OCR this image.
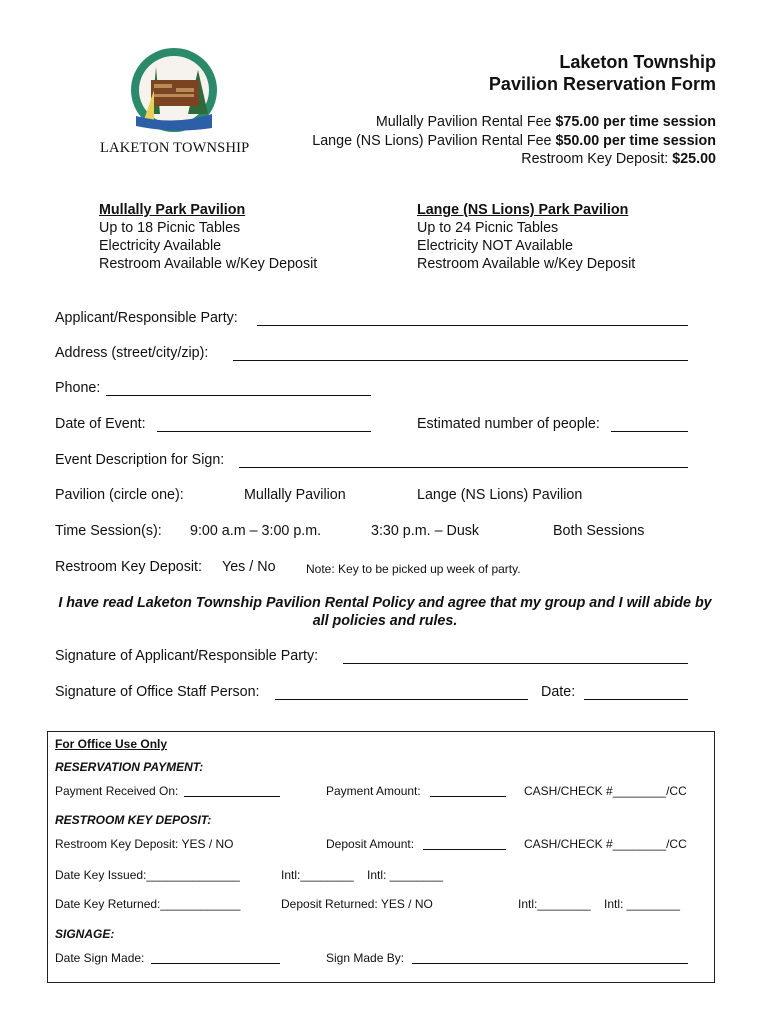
LAKETON TOWNSHIP
Laketon Township
Pavilion Reservation Form
Mullally Pavilion Rental Fee $75.00 per time session
Lange (NS Lions) Pavilion Rental Fee $50.00 per time session
Restroom Key Deposit: $25.00
Mullally Park Pavilion
Up to 18 Picnic Tables
Electricity Available
Restroom Available w/Key Deposit
Lange (NS Lions) Park Pavilion
Up to 24 Picnic Tables
Electricity NOT Available
Restroom Available w/Key Deposit
Applicant/Responsible Party:
Address (street/city/zip):
Phone:
Date of Event:	Estimated number of people:
Event Description for Sign:
Pavilion (circle one):	Mullally Pavilion	Lange (NS Lions) Pavilion
Time Session(s): 9:00 a.m – 3:00 p.m.	3:30 p.m. – Dusk	Both Sessions
Restroom Key Deposit: Yes / No	Note: Key to be picked up week of party.
I have read Laketon Township Pavilion Rental Policy and agree that my group and I will abide by all policies and rules.
Signature of Applicant/Responsible Party:
Signature of Office Staff Person:	Date:
For Office Use Only
RESERVATION PAYMENT:
Payment Received On:	Payment Amount:	CASH/CHECK #________/CC
RESTROOM KEY DEPOSIT:
Restroom Key Deposit: YES / NO	Deposit Amount:	CASH/CHECK #________/CC
Date Key Issued:______________	Intl:________ Intl: ________
Date Key Returned:____________	Deposit Returned: YES / NO	Intl:________ Intl: ________
SIGNAGE:
Date Sign Made:	Sign Made By:
